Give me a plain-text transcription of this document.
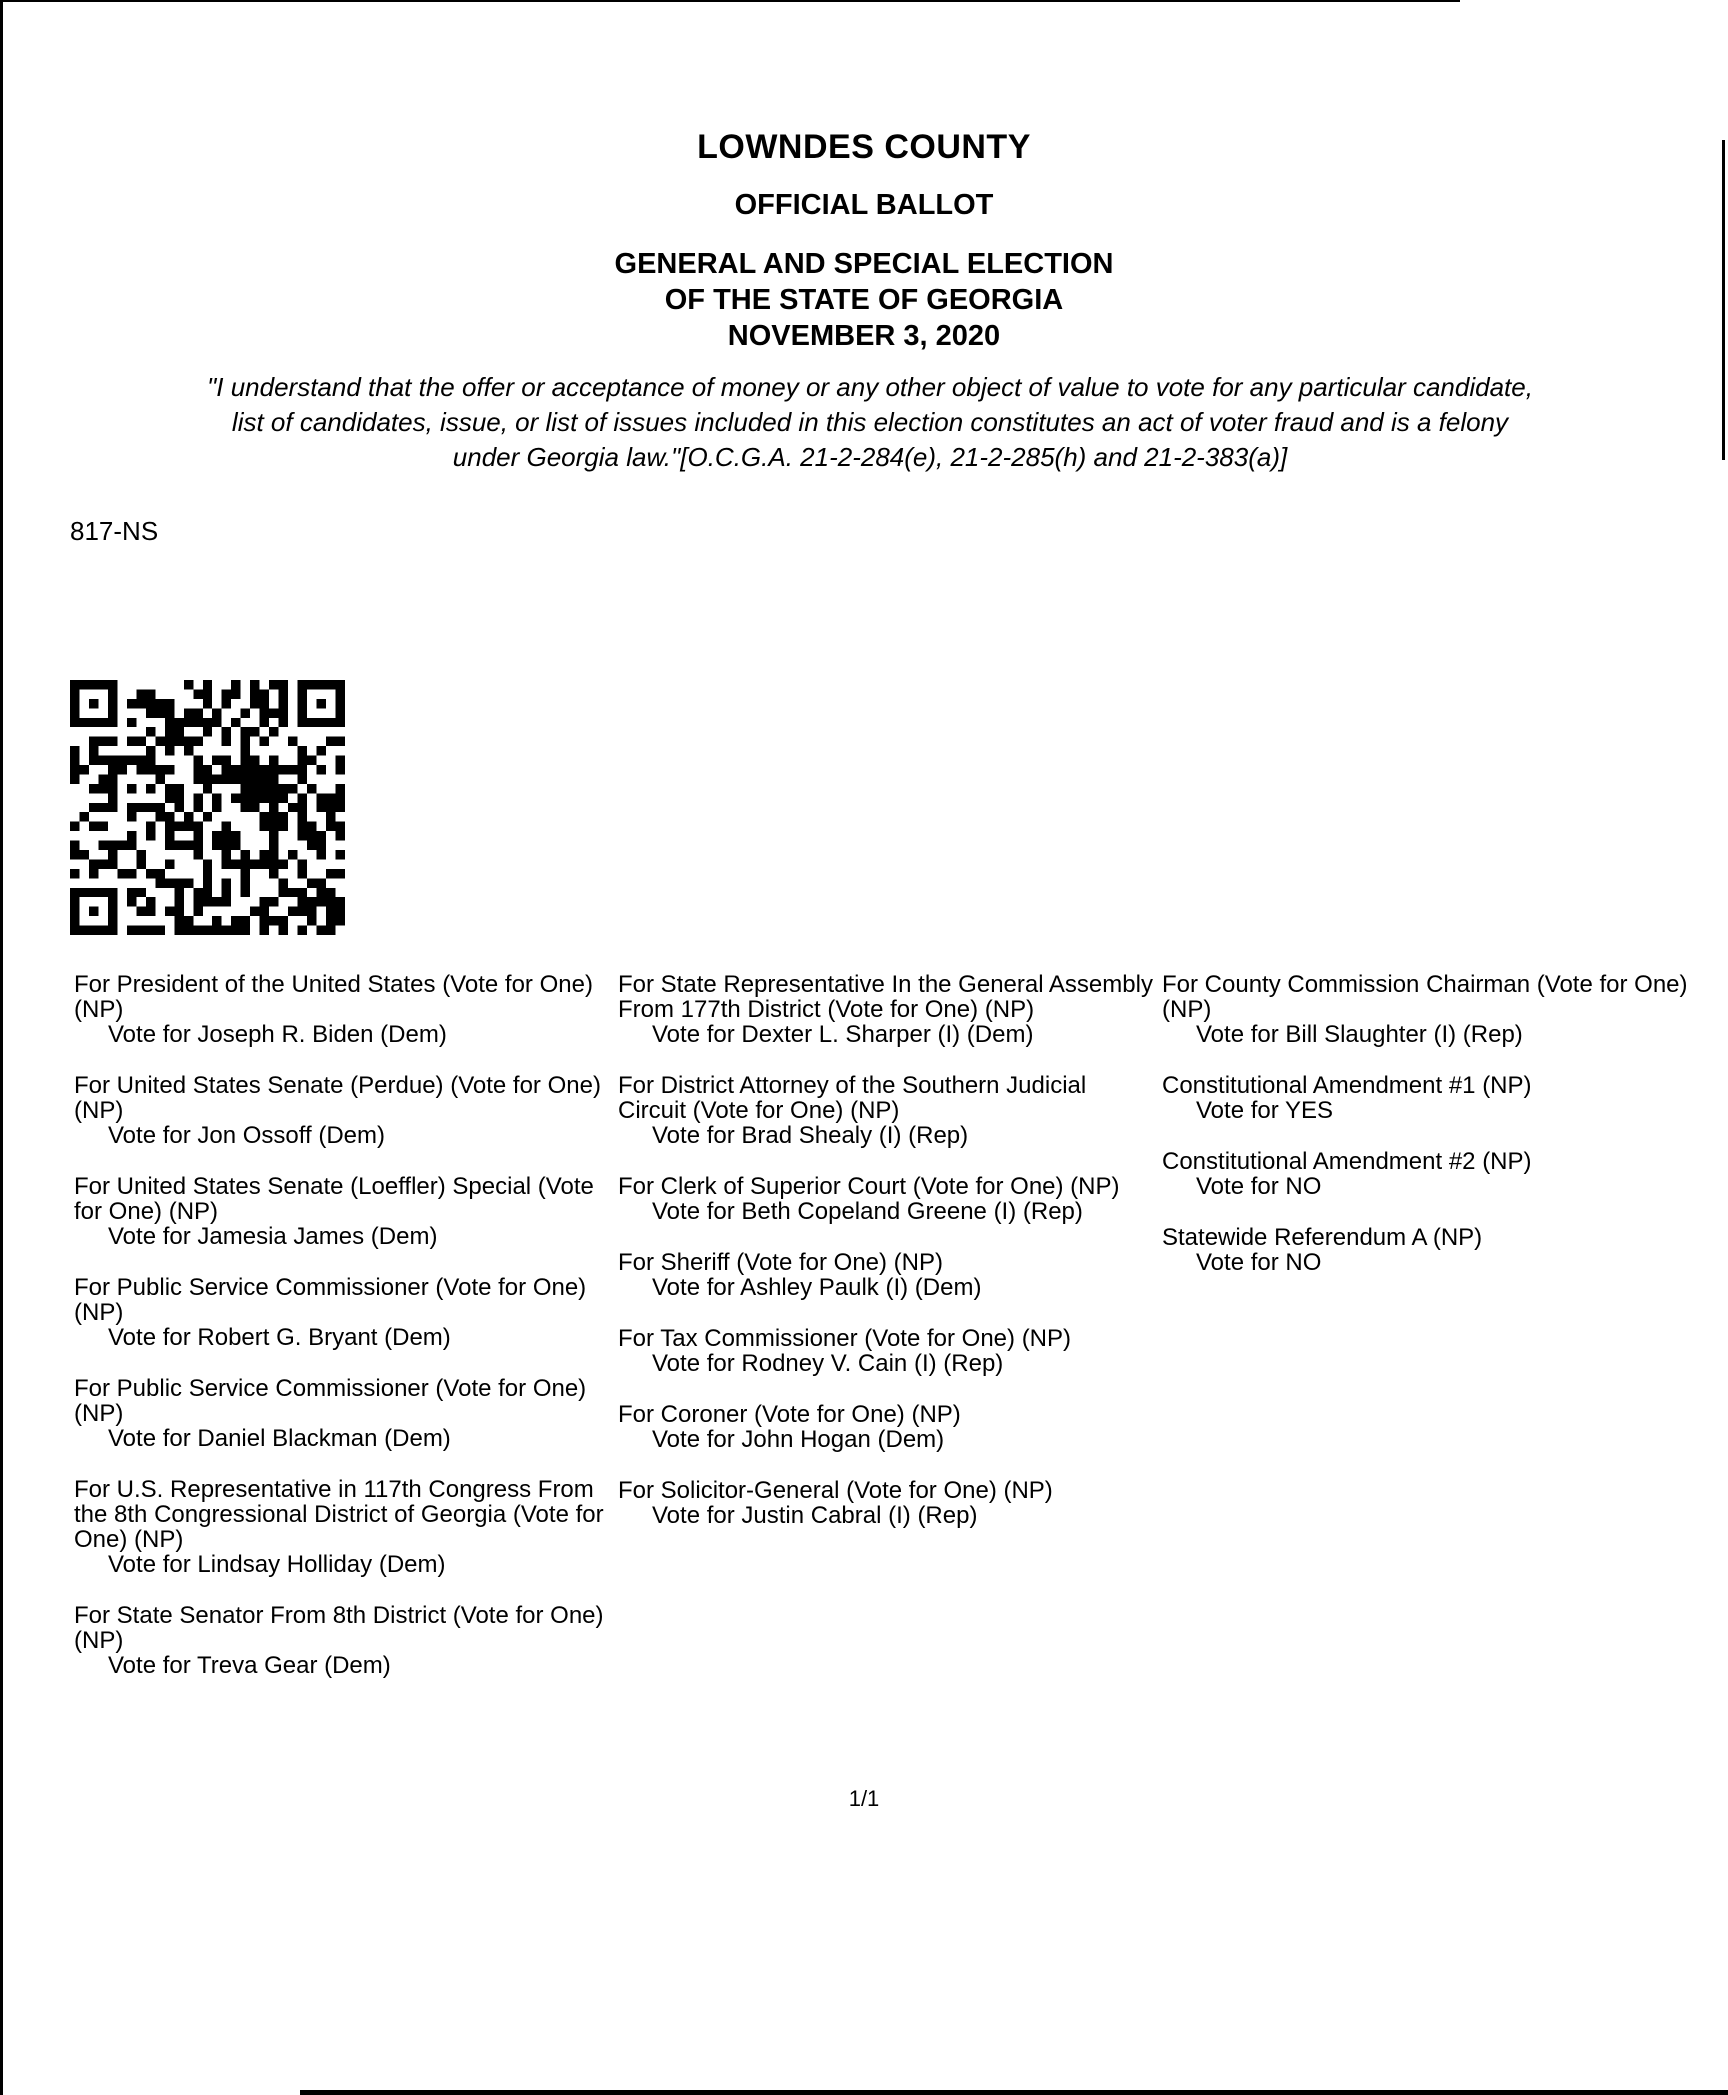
LOWNDES COUNTY
OFFICIAL BALLOT
GENERAL AND SPECIAL ELECTION
OF THE STATE OF GEORGIA
NOVEMBER 3, 2020
"I understand that the offer or acceptance of money or any other object of value to vote for any particular candidate,
list of candidates, issue, or list of issues included in this election constitutes an act of voter fraud and is a felony
under Georgia law."[O.C.G.A. 21-2-284(e), 21-2-285(h) and 21-2-383(a)]
817-NS
For President of the United States (Vote for One) (NP)
Vote for Joseph R. Biden (Dem)
For United States Senate (Perdue) (Vote for One) (NP)
Vote for Jon Ossoff (Dem)
For United States Senate (Loeffler) Special (Vote for One) (NP)
Vote for Jamesia James (Dem)
For Public Service Commissioner (Vote for One) (NP)
Vote for Robert G. Bryant (Dem)
For Public Service Commissioner (Vote for One) (NP)
Vote for Daniel Blackman (Dem)
For U.S. Representative in 117th Congress From the 8th Congressional District of Georgia (Vote for One) (NP)
Vote for Lindsay Holliday (Dem)
For State Senator From 8th District (Vote for One) (NP)
Vote for Treva Gear (Dem)
For State Representative In the General Assembly From 177th District (Vote for One) (NP)
Vote for Dexter L. Sharper (I) (Dem)
For District Attorney of the Southern Judicial Circuit (Vote for One) (NP)
Vote for Brad Shealy (I) (Rep)
For Clerk of Superior Court (Vote for One) (NP)
Vote for Beth Copeland Greene (I) (Rep)
For Sheriff (Vote for One) (NP)
Vote for Ashley Paulk (I) (Dem)
For Tax Commissioner (Vote for One) (NP)
Vote for Rodney V. Cain (I) (Rep)
For Coroner (Vote for One) (NP)
Vote for John Hogan (Dem)
For Solicitor-General (Vote for One) (NP)
Vote for Justin Cabral (I) (Rep)
For County Commission Chairman (Vote for One) (NP)
Vote for Bill Slaughter (I) (Rep)
Constitutional Amendment #1 (NP)
Vote for YES
Constitutional Amendment #2 (NP)
Vote for NO
Statewide Referendum A (NP)
Vote for NO
1/1
